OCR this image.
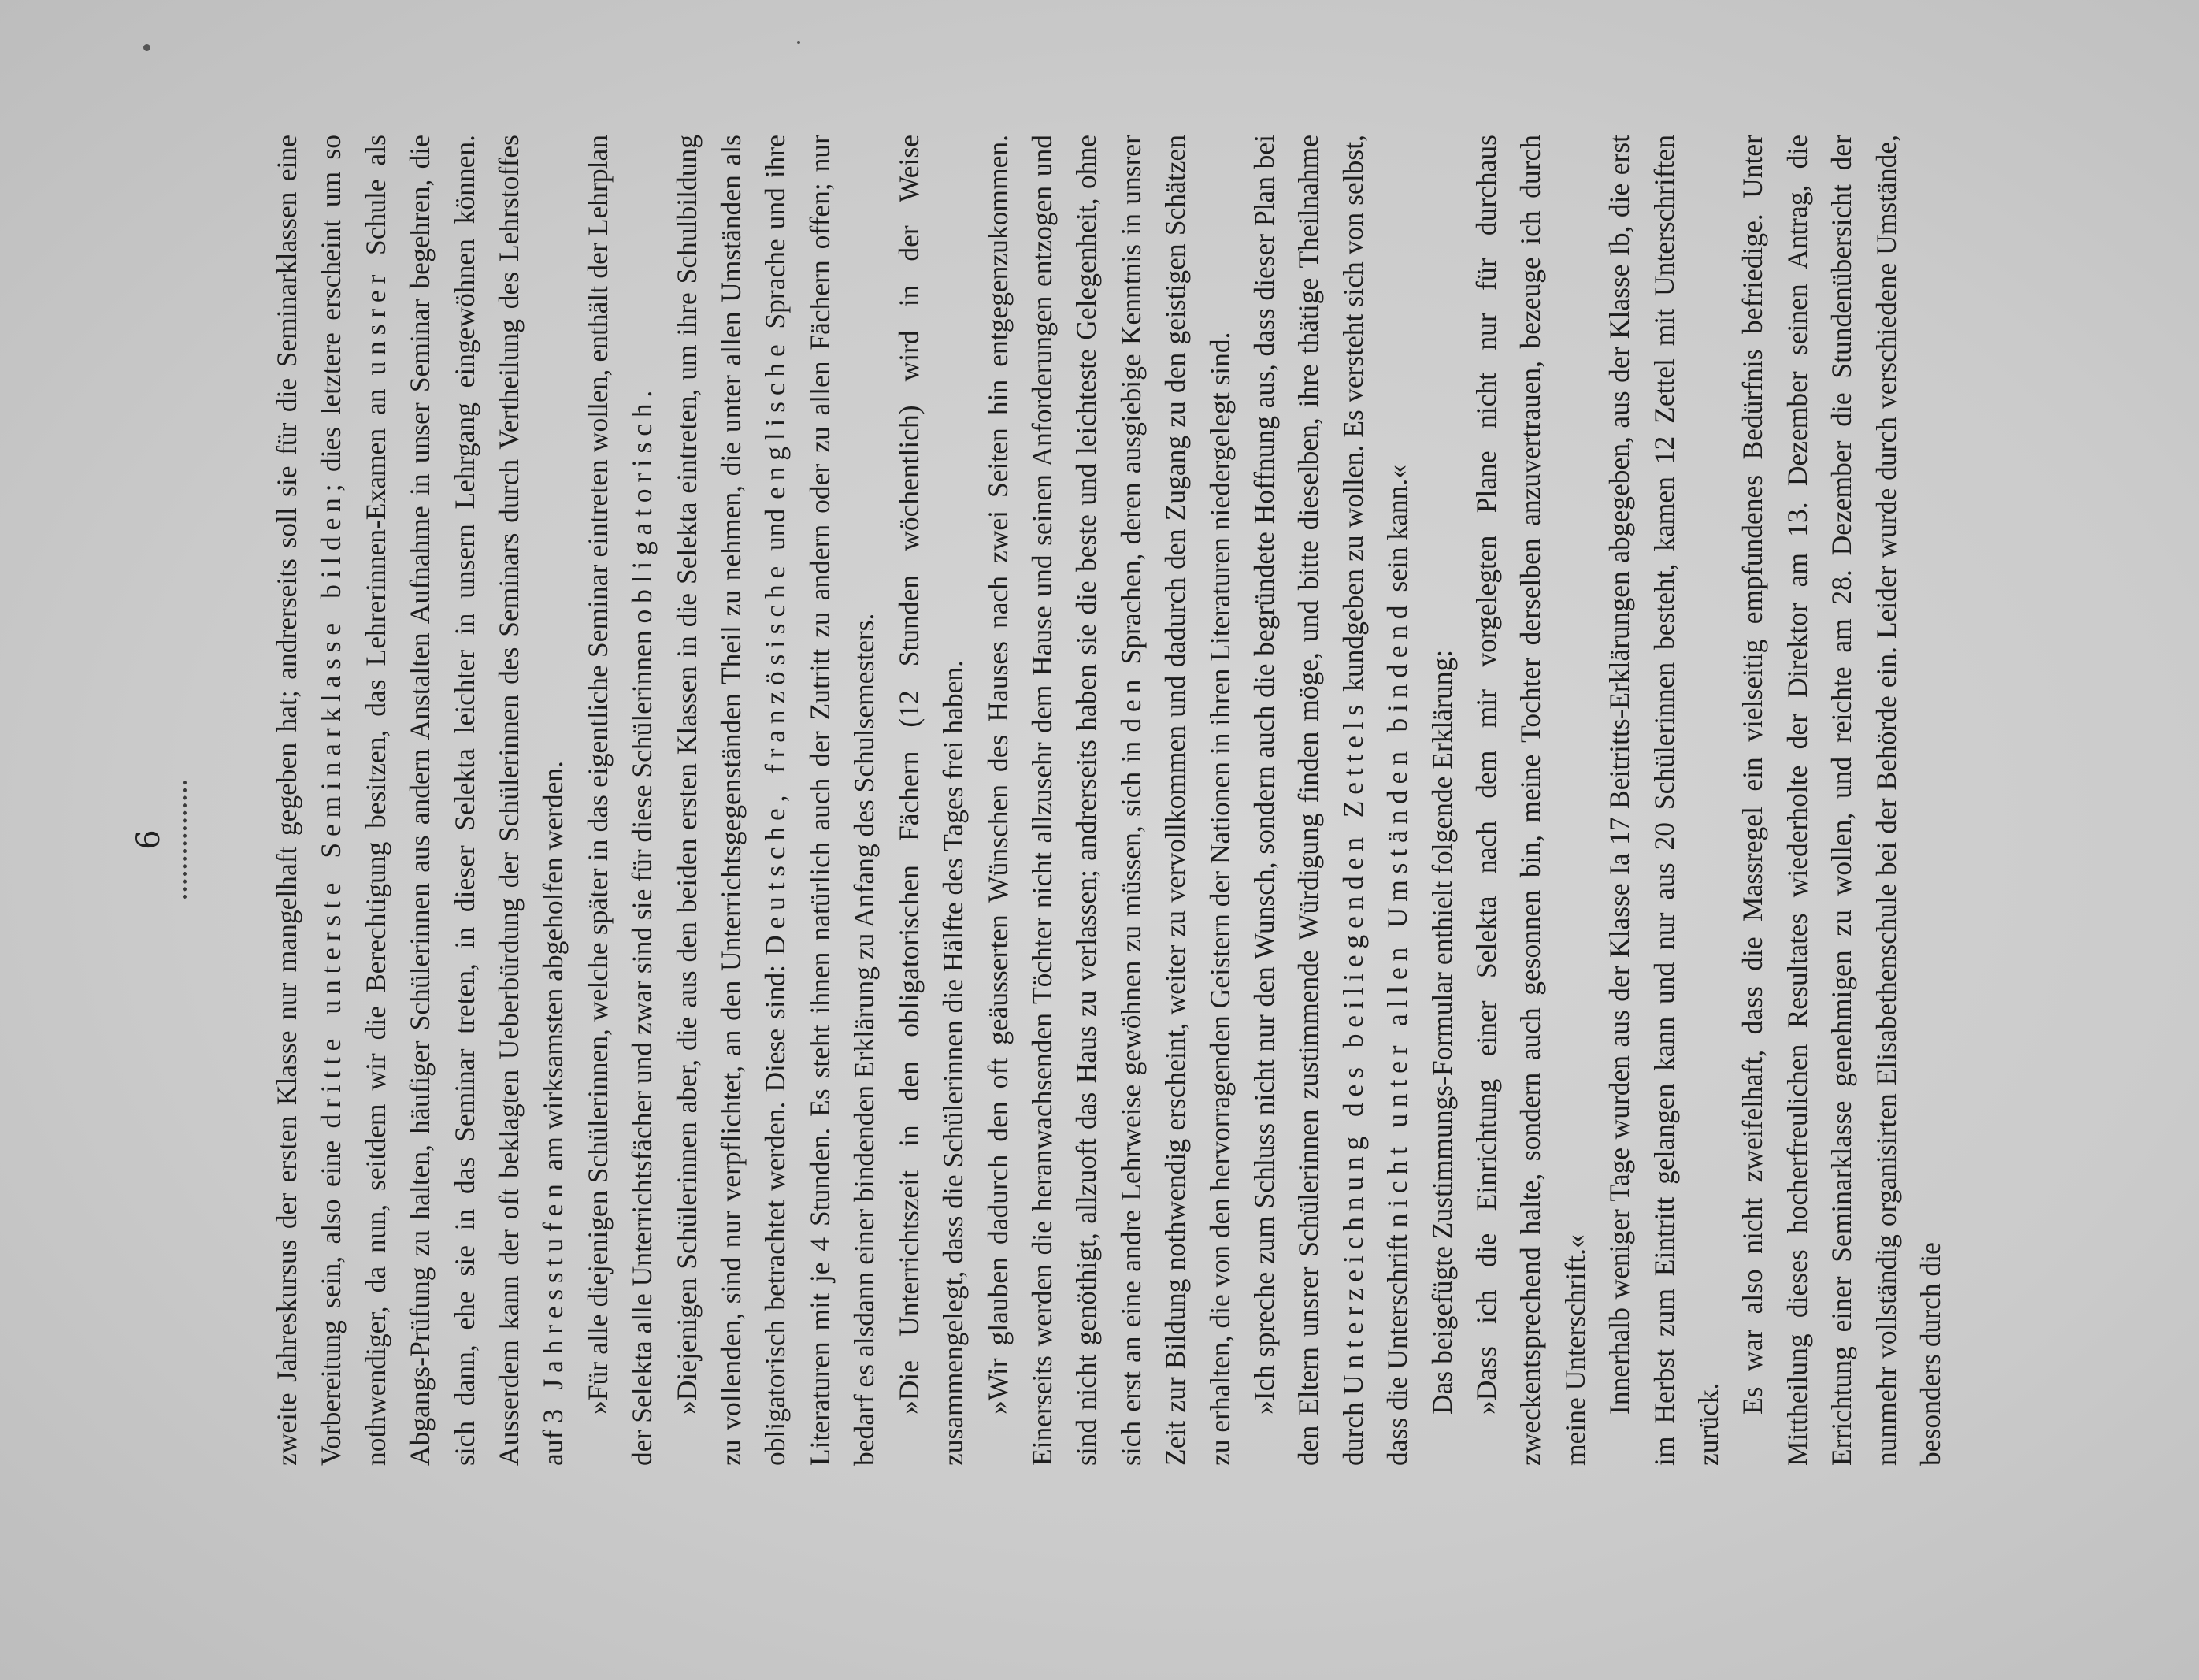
6	zweite Jahreskursus der ersten Klasse nur mangelhaft gegeben hat; andrerseits soll sie für die Seminarklassen eine Vorbereitung sein, also eine dritte unterste Seminarklasse bilden; dies letztere erscheint um so nothwendiger, da nun, seitdem wir die Berechtigung besitzen, das Lehrerinnen-Examen an unsrer Schule als Abgangs-Prüfung zu halten, häufiger Schülerinnen aus andern Anstalten Aufnahme in unser Seminar begehren, die sich dann, ehe sie in das Seminar treten, in dieser Selekta leichter in unsern Lehrgang eingewöhnen können. Ausserdem kann der oft beklagten Ueberbürdung der Schülerinnen des Seminars durch Vertheilung des Lehrstoffes auf 3 Jahresstufen am wirksamsten abgeholfen werden. »Für alle diejenigen Schülerinnen, welche später in das eigentliche Seminar eintreten wollen, enthält der Lehrplan der Selekta alle Unterrichtsfächer und zwar sind sie für diese Schülerinnen obligatorisch. »Diejenigen Schülerinnen aber, die aus den beiden ersten Klassen in die Selekta eintreten, um ihre Schulbildung zu vollenden, sind nur verpflichtet, an den Unterrichtsgegenständen Theil zu nehmen, die unter allen Umständen als obligatorisch betrachtet werden. Diese sind: Deutsche, französische und englische Sprache und ihre Literaturen mit je 4 Stunden. Es steht ihnen natürlich auch der Zutritt zu andern oder zu allen Fächern offen; nur bedarf es alsdann einer bindenden Erklärung zu Anfang des Schulsemesters. »Die Unterrichtszeit in den obligatorischen Fächern (12 Stunden wöchentlich) wird in der Weise zusammengelegt, dass die Schülerinnen die Hälfte des Tages frei haben. »Wir glauben dadurch den oft geäusserten Wünschen des Hauses nach zwei Seiten hin entgegenzukommen. Einerseits werden die heranwachsenden Töchter nicht allzusehr dem Hause und seinen Anforderungen entzogen und sind nicht genöthigt, allzuoft das Haus zu verlassen; andrerseits haben sie die beste und leichteste Gelegenheit, ohne sich erst an eine andre Lehrweise gewöhnen zu müssen, sich in den Sprachen, deren ausgiebige Kenntnis in unsrer Zeit zur Bildung nothwendig erscheint, weiter zu vervollkommen und dadurch den Zugang zu den geistigen Schätzen zu erhalten, die von den hervorragenden Geistern der Nationen in ihren Literaturen niedergelegt sind. »Ich spreche zum Schluss nicht nur den Wunsch, sondern auch die begründete Hoffnung aus, dass dieser Plan bei den Eltern unsrer Schülerinnen zustimmende Würdigung finden möge, und bitte dieselben, ihre thätige Theilnahme durch Unterzeichnung des beiliegenden Zettels kundgeben zu wollen. Es versteht sich von selbst, dass die Unterschrift nicht unter allen Umständen bindend sein kann.«

Das beigefügte Zustimmungs-Formular enthielt folgende Erklärung: »Dass ich die Einrichtung einer Selekta nach dem mir vorgelegten Plane nicht nur für durchaus zweckentsprechend halte, sondern auch gesonnen bin, meine Tochter derselben anzuvertrauen, bezeuge ich durch meine Unterschrift.« Innerhalb weniger Tage wurden aus der Klasse Ia 17 Beitritts-Erklärungen abgegeben, aus der Klasse Ib, die erst im Herbst zum Eintritt gelangen kann und nur aus 20 Schülerinnen besteht, kamen 12 Zettel mit Unterschriften zurück.

Es war also nicht zweifelhaft, dass die Massregel ein vielseitig empfundenes Bedürfnis befriedige. Unter Mittheilung dieses hocherfreulichen Resultates wiederholte der Direktor am 13. Dezember seinen Antrag, die Errichtung einer Seminarklasse genehmigen zu wollen, und reichte am 28. Dezember die Stundenübersicht der nunmehr vollständig organisirten Elisabethenschule bei der Behörde ein. Leider wurde durch verschiedene Umstände, besonders durch die
